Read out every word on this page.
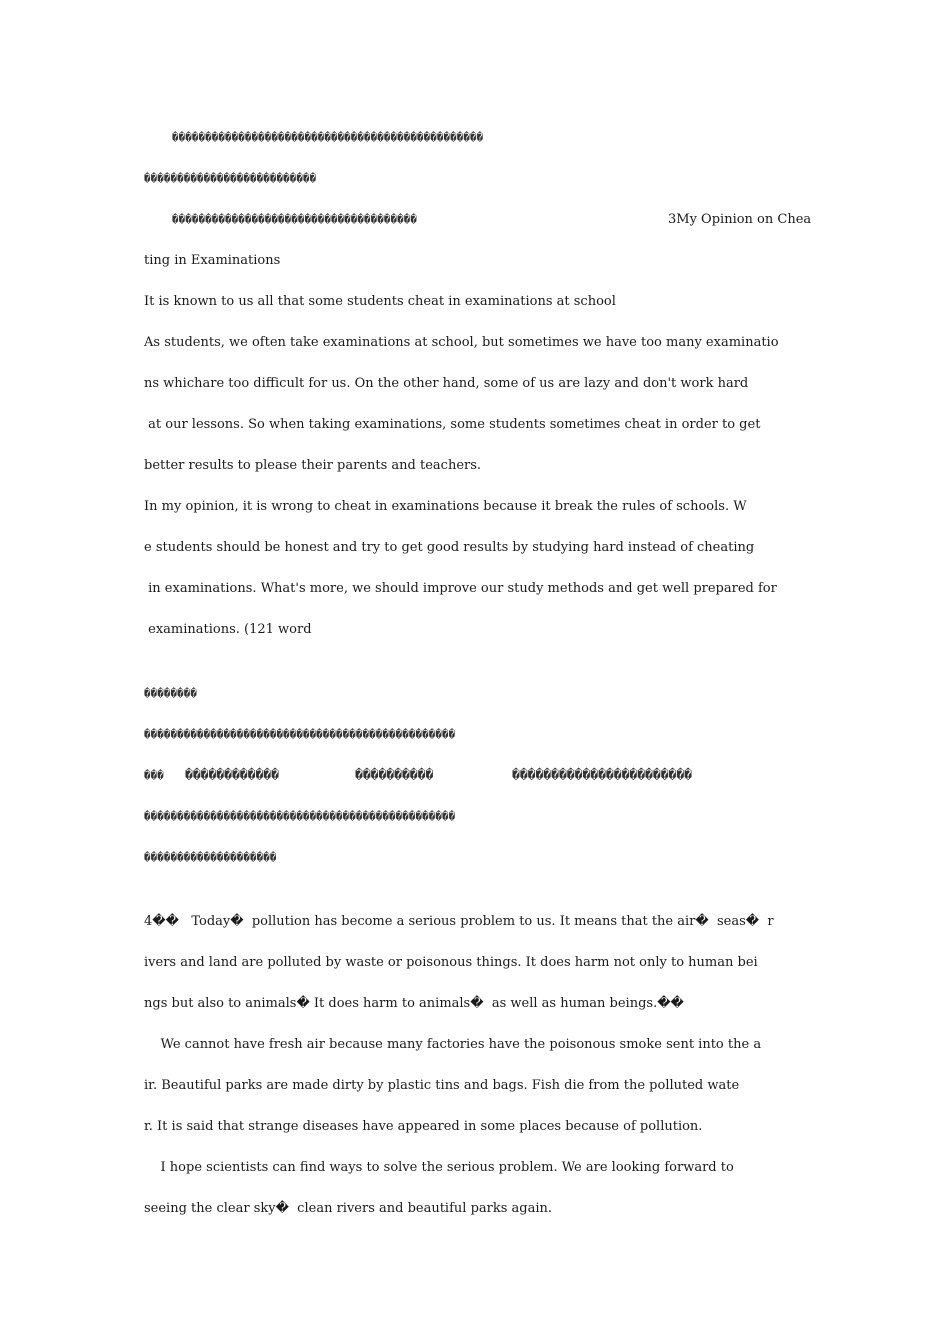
�����������������������������������������������
��������������������������
�������������������������������������	3My Opinion on Chea
ting in Examinations
It is known to us all that some students cheat in examinations at school
As students, we often take examinations at school, but sometimes we have too many examinatio
ns whichare too difficult for us. On the other hand, some of us are lazy and don't work hard
at our lessons. So when taking examinations, some students sometimes cheat in order to get
better results to please their parents and teachers.
In my opinion, it is wrong to cheat in examinations because it break the rules of schools. W
e students should be honest and try to get good results by studying hard instead of cheating
in examinations. What's more, we should improve our study methods and get well prepared for
examinations. (121 word
��������
�����������������������������������������������
��� ������������	����������	�����������������������
�����������������������������������������������
��������������������
4��   Today�  pollution has become a serious problem to us. It means that the air�  seas�  r
ivers and land are polluted by waste or poisonous things. It does harm not only to human bei
ngs but also to animals� It does harm to animals�  as well as human beings.��
We cannot have fresh air because many factories have the poisonous smoke sent into the a
ir. Beautiful parks are made dirty by plastic tins and bags. Fish die from the polluted wate
r. It is said that strange diseases have appeared in some places because of pollution.
I hope scientists can find ways to solve the serious problem. We are looking forward to
seeing the clear sky�  clean rivers and beautiful parks again.
